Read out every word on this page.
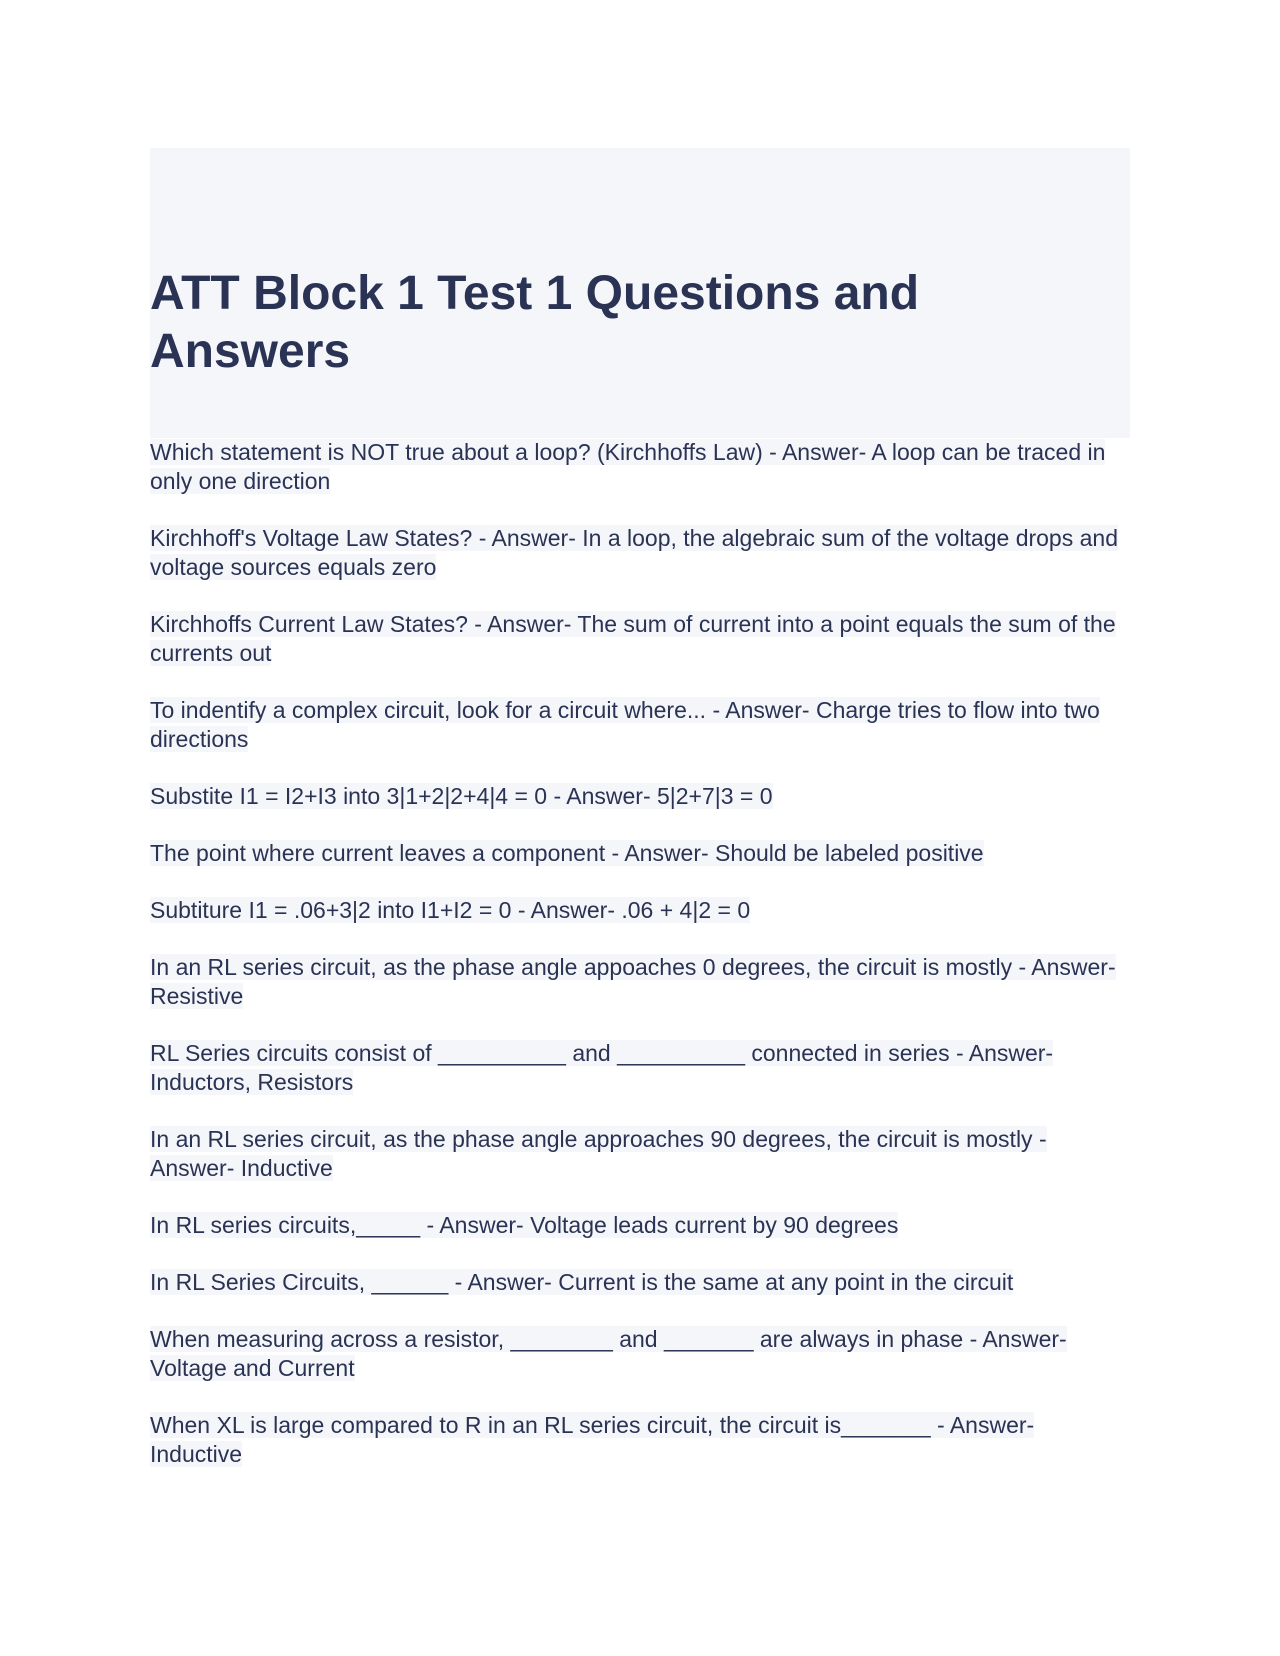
ATT Block 1 Test 1 Questions and Answers

Which statement is NOT true about a loop? (Kirchhoffs Law) - Answer- A loop can be traced in only one direction

Kirchhoff's Voltage Law States? - Answer- In a loop, the algebraic sum of the voltage drops and voltage sources equals zero

Kirchhoffs Current Law States? - Answer- The sum of current into a point equals the sum of the currents out

To indentify a complex circuit, look for a circuit where... - Answer- Charge tries to flow into two directions

Substite I1 = I2+I3 into 3|1+2|2+4|4 = 0 - Answer- 5|2+7|3 = 0

The point where current leaves a component - Answer- Should be labeled positive

Subtiture I1 = .06+3|2 into I1+I2 = 0 - Answer- .06 + 4|2 = 0

In an RL series circuit, as the phase angle appoaches 0 degrees, the circuit is mostly - Answer- Resistive

RL Series circuits consist of __________ and __________ connected in series - Answer- Inductors, Resistors

In an RL series circuit, as the phase angle approaches 90 degrees, the circuit is mostly - Answer- Inductive

In RL series circuits,_____ - Answer- Voltage leads current by 90 degrees

In RL Series Circuits, ______ - Answer- Current is the same at any point in the circuit

When measuring across a resistor, ________ and _______ are always in phase - Answer- Voltage and Current

When XL is large compared to R in an RL series circuit, the circuit is_______ - Answer- Inductive
